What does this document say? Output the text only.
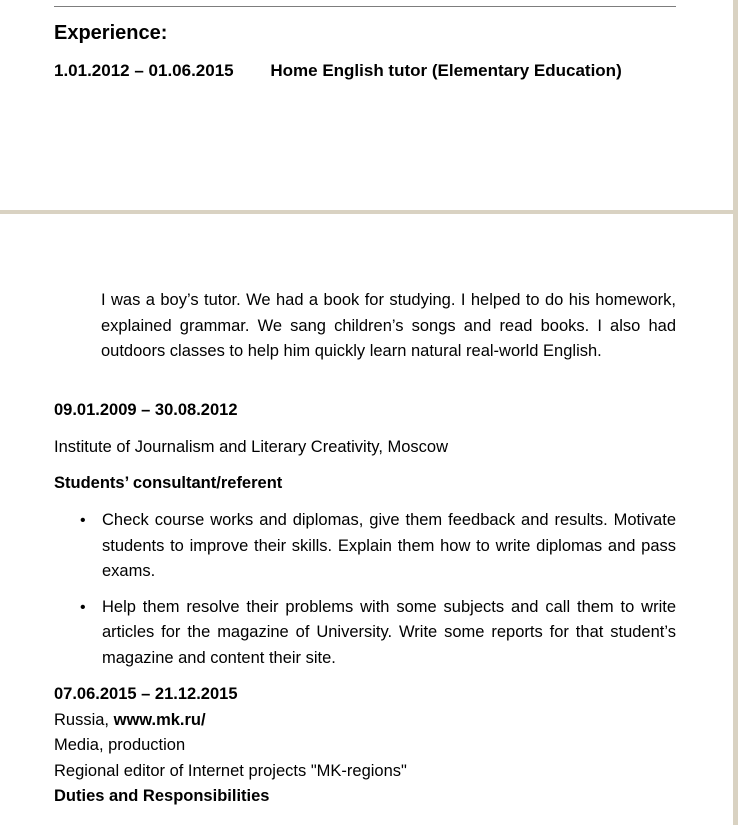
Experience:
1.01.2012 – 01.06.2015 Home English tutor (Elementary Education)

I was a boy’s tutor. We had a book for studying. I helped to do his homework, explained grammar. We sang children’s songs and read books. I also had outdoors classes to help him quickly learn natural real-world English.

09.01.2009 – 30.08.2012

Institute of Journalism and Literary Creativity, Moscow

Students’ consultant/referent

• Check course works and diplomas, give them feedback and results. Motivate students to improve their skills. Explain them how to write diplomas and pass exams.
• Help them resolve their problems with some subjects and call them to write articles for the magazine of University. Write some reports for that student’s magazine and content their site.

07.06.2015 – 21.12.2015

Russia, www.mk.ru/

Media, production

Regional editor of Internet projects "MK-regions"

Duties and Responsibilities
